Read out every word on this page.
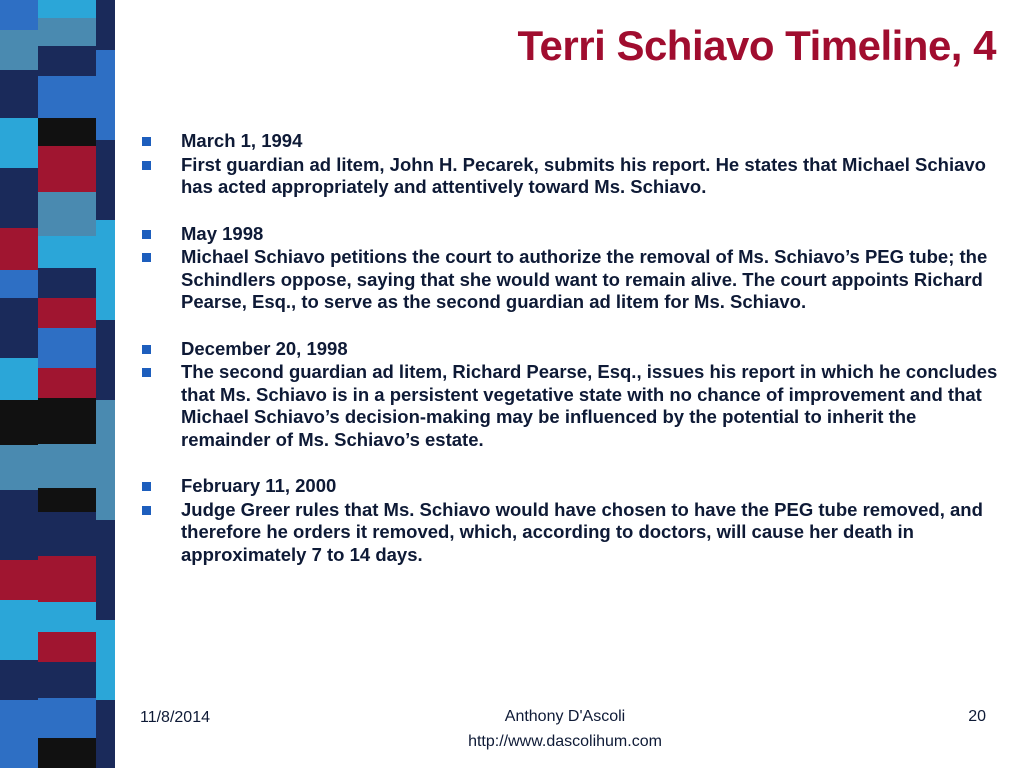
Terri Schiavo Timeline, 4
March 1, 1994
First guardian ad litem, John H. Pecarek, submits his report. He states that Michael Schiavo has acted appropriately and attentively toward Ms. Schiavo.
May 1998
Michael Schiavo petitions the court to authorize the removal of Ms. Schiavo’s PEG tube; the Schindlers oppose, saying that she would want to remain alive. The court appoints Richard Pearse, Esq., to serve as the second guardian ad litem for Ms. Schiavo.
December 20, 1998
The second guardian ad litem, Richard Pearse, Esq., issues his report in which he concludes that Ms. Schiavo is in a persistent vegetative state with no chance of improvement and that Michael Schiavo’s decision-making may be influenced by the potential to inherit the remainder of Ms. Schiavo’s estate.
February 11, 2000
Judge Greer rules that Ms. Schiavo would have chosen to have the PEG tube removed, and therefore he orders it removed, which, according to doctors, will cause her death in approximately 7 to 14 days.
11/8/2014	Anthony D'Ascoli
http://www.dascolihum.com
20
